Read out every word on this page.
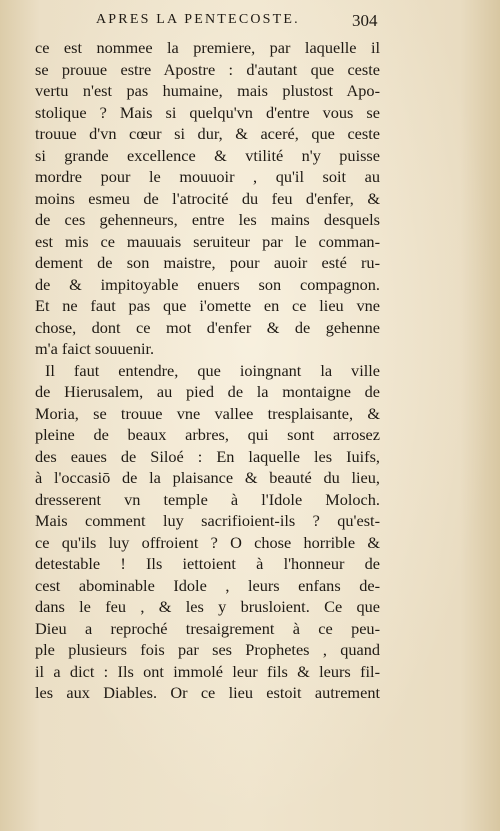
APRES LA PENTECOSTE.	304
ce est nommee la premiere, par laquelle il
se prouue estre Apostre : d'autant que ceste
vertu n'est pas humaine, mais plustost Apo-
stolique ? Mais si quelqu'vn d'entre vous se
trouue d'vn cœur si dur, & aceré, que ceste
si grande excellence & vtilité n'y puisse
mordre pour le mouuoir , qu'il soit au
moins esmeu de l'atrocité du feu d'enfer, &
de ces gehenneurs, entre les mains desquels
est mis ce mauuais seruiteur par le comman-
dement de son maistre, pour auoir esté ru-
de & impitoyable enuers son compagnon.
Et ne faut pas que i'omette en ce lieu vne
chose, dont ce mot d'enfer & de gehenne
m'a faict souuenir.
Il faut entendre, que ioingnant la ville
de Hierusalem, au pied de la montaigne de
Moria, se trouue vne vallee tresplaisante, &
pleine de beaux arbres, qui sont arrosez
des eaues de Siloé : En laquelle les Iuifs,
à l'occasiō de la plaisance & beauté du lieu,
dresserent vn temple à l'Idole Moloch.
Mais comment luy sacrifioient-ils ? qu'est-
ce qu'ils luy offroient ? O chose horrible &
detestable ! Ils iettoient à l'honneur de
cest abominable Idole , leurs enfans de-
dans le feu , & les y brusloient. Ce que
Dieu a reproché tresaigrement à ce peu-
ple plusieurs fois par ses Prophetes , quand
il a dict : Ils ont immolé leur fils & leurs fil-
les aux Diables. Or ce lieu estoit autrement
